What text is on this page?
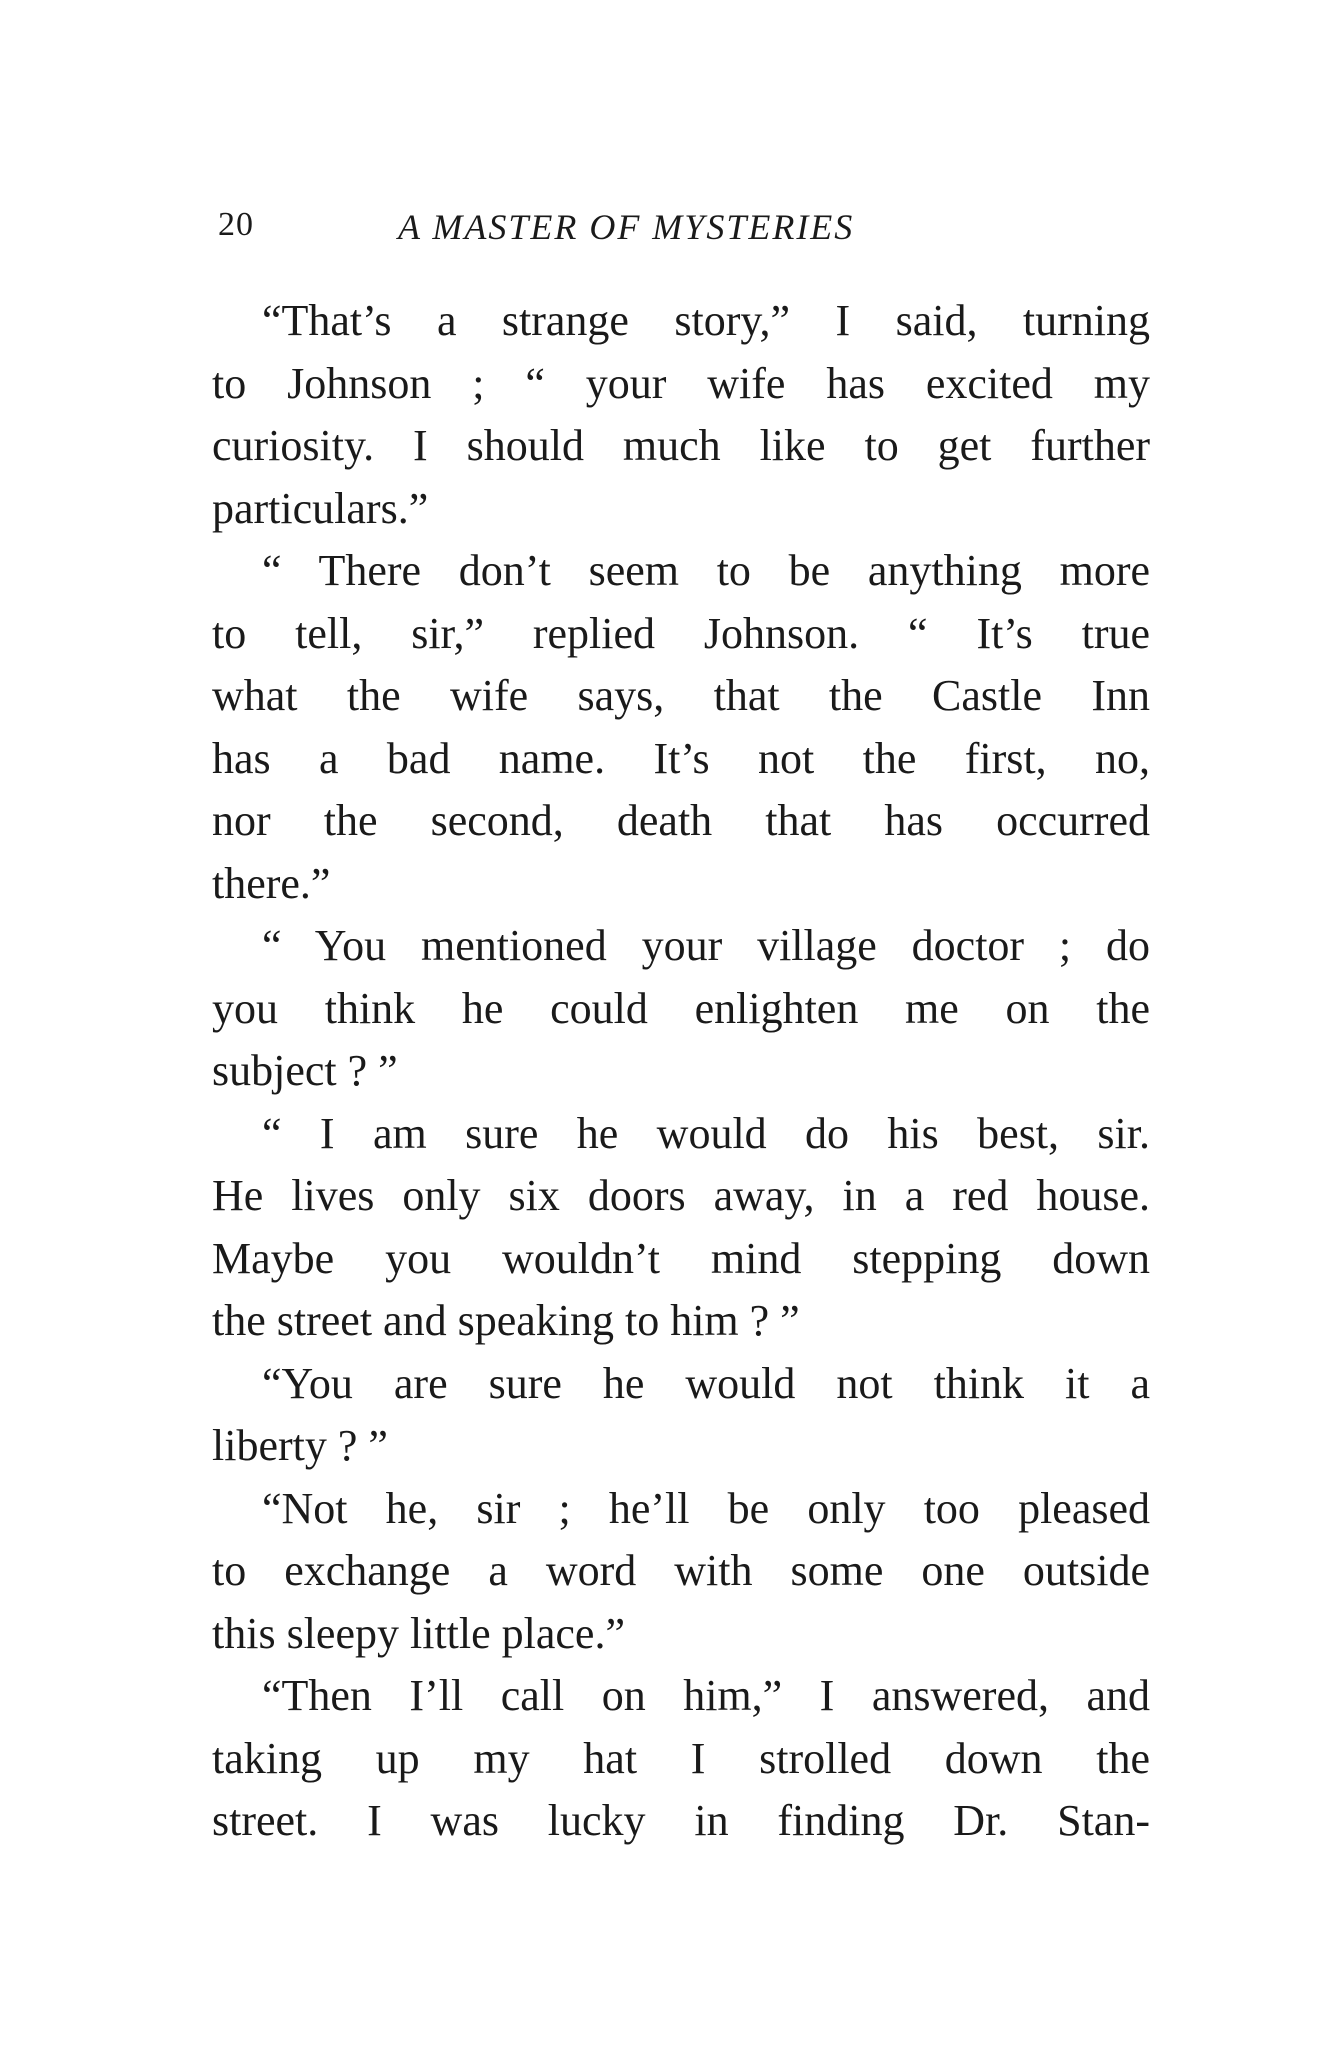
20	A MASTER OF MYSTERIES
“That’s a strange story,” I said, turning
to Johnson ; “ your wife has excited my
curiosity. I should much like to get further
particulars.”
“ There don’t seem to be anything more
to tell, sir,” replied Johnson. “ It’s true
what the wife says, that the Castle Inn
has a bad name. It’s not the first, no,
nor the second, death that has occurred
there.”
“ You mentioned your village doctor ; do
you think he could enlighten me on the
subject ? ”
“ I am sure he would do his best, sir.
He lives only six doors away, in a red house.
Maybe you wouldn’t mind stepping down
the street and speaking to him ? ”
“You are sure he would not think it a
liberty ? ”
“Not he, sir ; he’ll be only too pleased
to exchange a word with some one outside
this sleepy little place.”
“Then I’ll call on him,” I answered, and
taking up my hat I strolled down the
street. I was lucky in finding Dr. Stan-
